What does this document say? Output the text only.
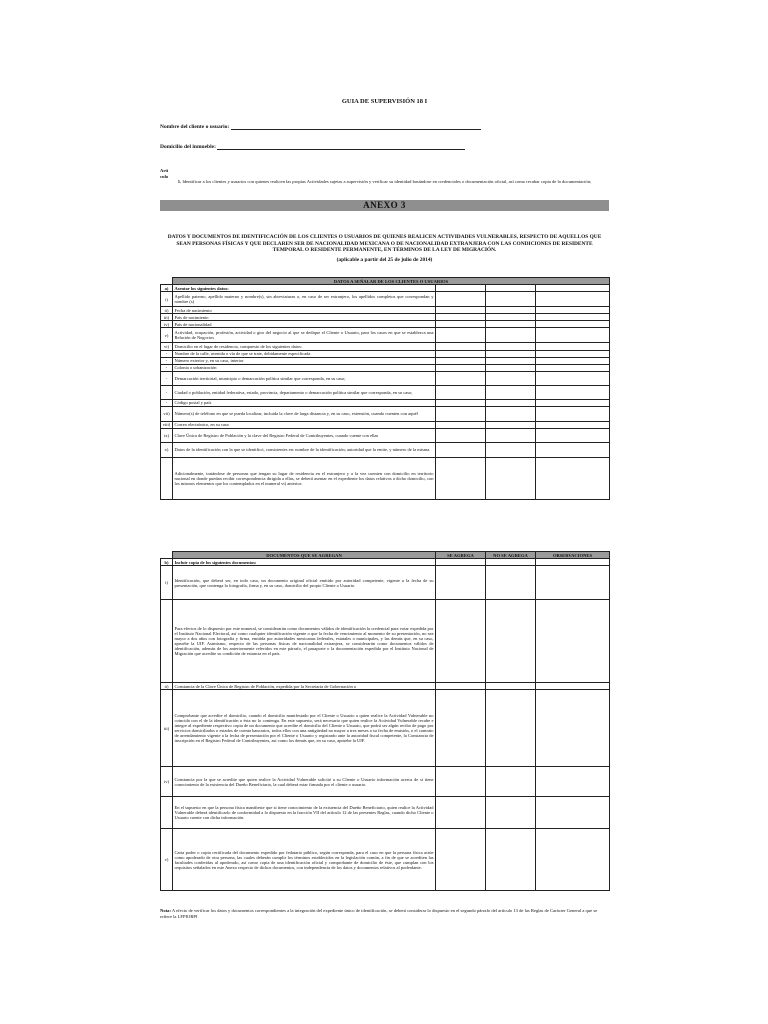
GUIA DE SUPERVISIÓN 18 I
Nombre del cliente o usuario:
Domicilio del inmueble:
Artí
culo
1. Identificar a los clientes y usuarios con quienes realicen las propias Actividades sujetas a supervisión y verificar su identidad basándose en credenciales o documentación oficial, así como recabar copia de la documentación;
ANEXO 3
DATOS Y DOCUMENTOS DE IDENTIFICACIÓN DE LOS CLIENTES O USUARIOS DE QUIENES REALICEN ACTIVIDADES VULNERABLES, RESPECTO DE AQUELLOS QUE SEAN PERSONAS FÍSICAS Y QUE DECLAREN SER DE NACIONALIDAD MEXICANA O DE NACIONALIDAD EXTRANJERA CON LAS CONDICIONES DE RESIDENTE TEMPORAL O RESIDENTE PERMANENTE, EN TÉRMINOS DE LA LEY DE MIGRACIÓN.
(aplicable a partir del 25 de julio de 2014)
	DATOS A SEÑALAR DE LOS CLIENTES O USUARIOS			
a)	Asentar los siguientes datos:			
i)	Apellido paterno, apellido materno y nombre(s), sin abreviaturas o, en caso de ser extranjero, los apellidos completos que correspondan y nombre (s)			
ii)	Fecha de nacimiento			
iii)	País de nacimiento			
iv)	País de nacionalidad			
v)	Actividad, ocupación, profesión, actividad o giro del negocio al que se dedique el Cliente o Usuario, para los casos en que se establezca una Relación de Negocios			
vi)	Domicilio en el lugar de residencia, compuesto de los siguientes datos:			
-	Nombre de la calle, avenida o vía de que se trate, debidamente especificada			
-	Número exterior y, en su caso, interior			
-	Colonia o urbanización			
-	Demarcación territorial, municipio o demarcación política similar que corresponda, en su caso;			
-	Ciudad o población, entidad federativa, estado, provincia, departamento o demarcación política similar que corresponda, en su caso;			
-	Código postal y país			
vii)	Número(s) de teléfono en que se pueda localizar, incluida la clave de larga distancia y, en su caso, extensión, cuando cuenten con aquél			
viii)	Correo electrónico, en su caso			
ix)	Clave Única de Registro de Población y la clave del Registro Federal de Contribuyentes, cuando cuente con ellas			
x)	Datos de la identificación con la que se identificó, consistentes en: nombre de la identificación; autoridad que la emite, y número de la misma.			
	Adicionalmente, tratándose de personas que tengan su lugar de residencia en el extranjero y a la vez cuenten con domicilio en territorio nacional en donde puedan recibir correspondencia dirigida a ellas, se deberá asentar en el expediente los datos relativos a dicho domicilio, con los mismos elementos que los contemplados en el numeral vi) anterior.			
	DOCUMENTOS QUE SE AGREGAN	SE AGREGA	NO SE AGREGA	OBSERVACIONES
b)	Incluir copia de los siguientes documentos:			
i)	Identificación, que deberá ser, en todo caso, un documento original oficial emitido por autoridad competente, vigente a la fecha de su presentación, que contenga la fotografía, firma y, en su caso, domicilio del propio Cliente o Usuario.			
	Para efectos de lo dispuesto por este numeral, se considerarán como documentos válidos de identificación la credencial para votar expedida por el Instituto Nacional Electoral, así como cualquier identificación vigente o que la fecha de vencimiento al momento de su presentación, no sea mayor a dos años con fotografía y firma, emitida por autoridades mexicanas federales, estatales o municipales, y las demás que, en su caso, apruebe la UIF. Asimismo, respecto de las personas físicas de nacionalidad extranjera, se considerarán como documentos válidos de identificación, además de los anteriormente referidos en este párrafo, el pasaporte o la documentación expedida por el Instituto Nacional de Migración que acredite su condición de estancia en el país.			
ii)	Constancia de la Clave Única de Registro de Población, expedida por la Secretaría de Gobernación o			
iii)	Comprobante que acredite el domicilio, cuando el domicilio manifestado por el Cliente o Usuario a quien realice la Actividad Vulnerable no coincida con el de la identificación o ésta no lo contenga. En este supuesto, será necesario que quien realice la Actividad Vulnerable recabe e integre al expediente respectivo copia de un documento que acredite el domicilio del Cliente o Usuario, que podrá ser algún recibo de pago por servicios domiciliados o estados de cuenta bancarios, todos ellos con una antigüedad no mayor a tres meses a su fecha de emisión, o el contrato de arrendamiento vigente a la fecha de presentación por el Cliente o Usuario y registrado ante la autoridad fiscal competente, la Constancia de inscripción en el Registro Federal de Contribuyentes, así como los demás que, en su caso, apruebe la UIF.			
iv)	Constancia por la que se acredite que quien realice la Actividad Vulnerable solicitó a su Cliente o Usuario información acerca de si tiene conocimiento de la existencia del Dueño Beneficiario, la cual deberá estar firmada por el cliente o usuario.			
	En el supuesto en que la persona física manifieste que sí tiene conocimiento de la existencia del Dueño Beneficiario, quien realice la Actividad Vulnerable deberá identificarlo de conformidad a lo dispuesto en la fracción VII del artículo 12 de las presentes Reglas, cuando dicho Cliente o Usuario cuente con dicha información.			
v)	Carta poder o copia certificada del documento expedido por fedatario público, según corresponda, para el caso en que la persona física actúe como apoderado de otra persona, las cuales deberán cumplir los términos establecidos en la legislación común, a fin de que se acrediten las facultades conferidas al apoderado, así como copia de una identificación oficial y comprobante de domicilio de éste, que cumplan con los requisitos señalados en este Anexo respecto de dichos documentos, con independencia de los datos y documentos relativos al poderdante.			
Nota: A efecto de verificar los datos y documentos correspondientes a la integración del expediente único de identificación, se deberá considerar lo dispuesto en el segundo párrafo del artículo 13 de las Reglas de Carácter General a que se refiere la LFPIORPI
